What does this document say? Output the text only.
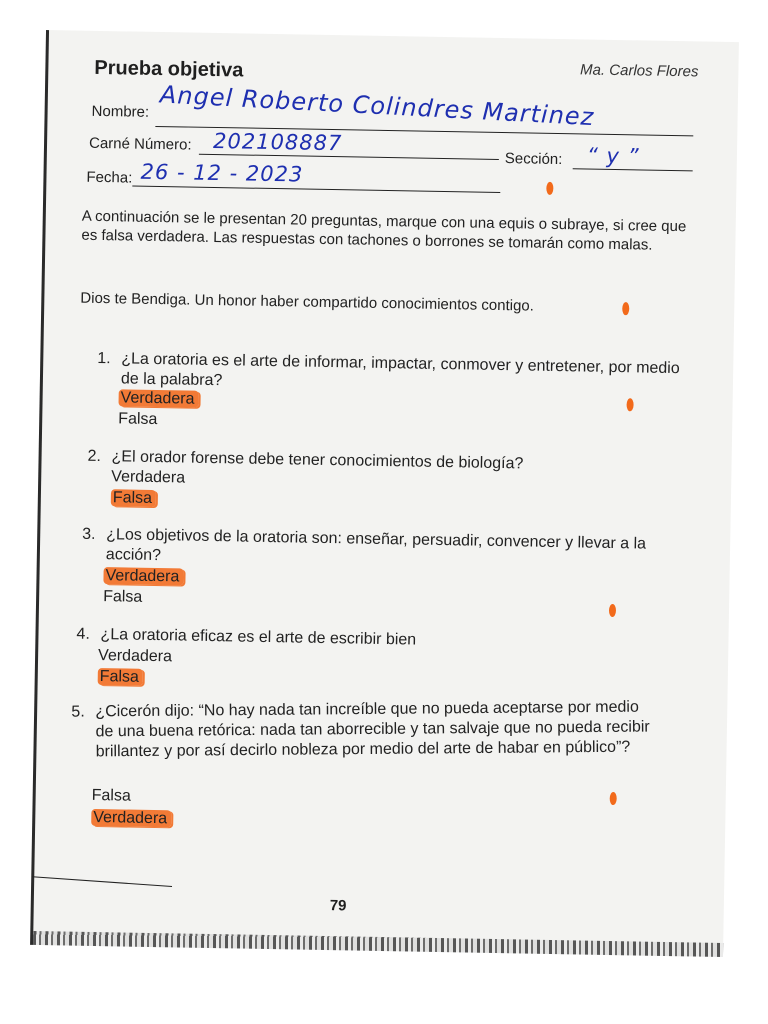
Prueba objetiva	Ma. Carlos Flores
Nombre: Angel Roberto Colindres Martinez
Carné Número: 202108887
Sección: “ y ”
Fecha: 26 - 12 - 2023
A continuación se le presentan 20 preguntas, marque con una equis o subraye, si cree que es falsa verdadera. Las respuestas con tachones o borrones se tomarán como malas.
Dios te Bendiga. Un honor haber compartido conocimientos contigo.
1. ¿La oratoria es el arte de informar, impactar, conmover y entretener, por medio de la palabra?
Verdadera
Falsa
2. ¿El orador forense debe tener conocimientos de biología?
Verdadera
Falsa
3. ¿Los objetivos de la oratoria son: enseñar, persuadir, convencer y llevar a la acción?
Verdadera
Falsa
4. ¿La oratoria eficaz es el arte de escribir bien
Verdadera
Falsa
5. ¿Cicerón dijo: “No hay nada tan increíble que no pueda aceptarse por medio de una buena retórica: nada tan aborrecible y tan salvaje que no pueda recibir brillantez y por así decirlo nobleza por medio del arte de habar en público”?
Falsa
Verdadera
79
